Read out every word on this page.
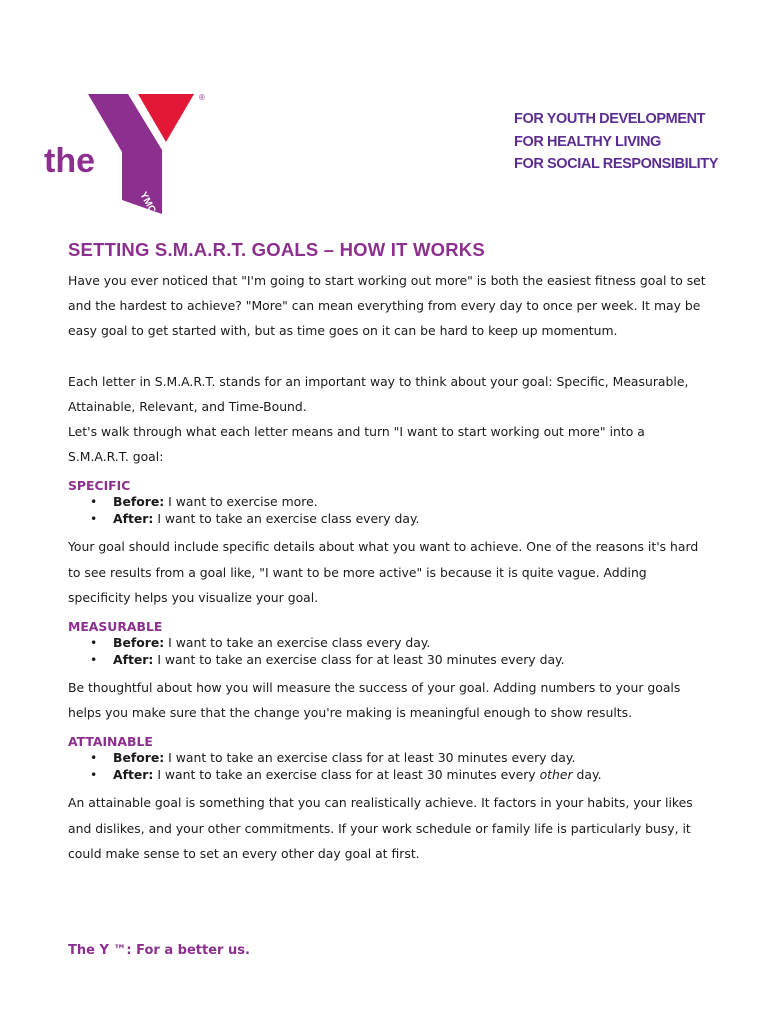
the
®
YMCA
FOR YOUTH DEVELOPMENT
FOR HEALTHY LIVING
FOR SOCIAL RESPONSIBILITY
SETTING S.M.A.R.T. GOALS – HOW IT WORKS

Have you ever noticed that "I'm going to start working out more" is both the easiest fitness goal to set and the hardest to achieve? "More" can mean everything from every day to once per week. It may be easy goal to get started with, but as time goes on it can be hard to keep up momentum.

Each letter in S.M.A.R.T. stands for an important way to think about your goal: Specific, Measurable, Attainable, Relevant, and Time-Bound.

Let's walk through what each letter means and turn "I want to start working out more" into a S.M.A.R.T. goal:

SPECIFIC
• Before: I want to exercise more.
• After: I want to take an exercise class every day.

Your goal should include specific details about what you want to achieve. One of the reasons it's hard to see results from a goal like, "I want to be more active" is because it is quite vague. Adding specificity helps you visualize your goal.

MEASURABLE
• Before: I want to take an exercise class every day.
• After: I want to take an exercise class for at least 30 minutes every day.

Be thoughtful about how you will measure the success of your goal. Adding numbers to your goals helps you make sure that the change you're making is meaningful enough to show results.

ATTAINABLE
• Before: I want to take an exercise class for at least 30 minutes every day.
• After: I want to take an exercise class for at least 30 minutes every other day.

An attainable goal is something that you can realistically achieve. It factors in your habits, your likes and dislikes, and your other commitments. If your work schedule or family life is particularly busy, it could make sense to set an every other day goal at first.

The Y ™: For a better us.
